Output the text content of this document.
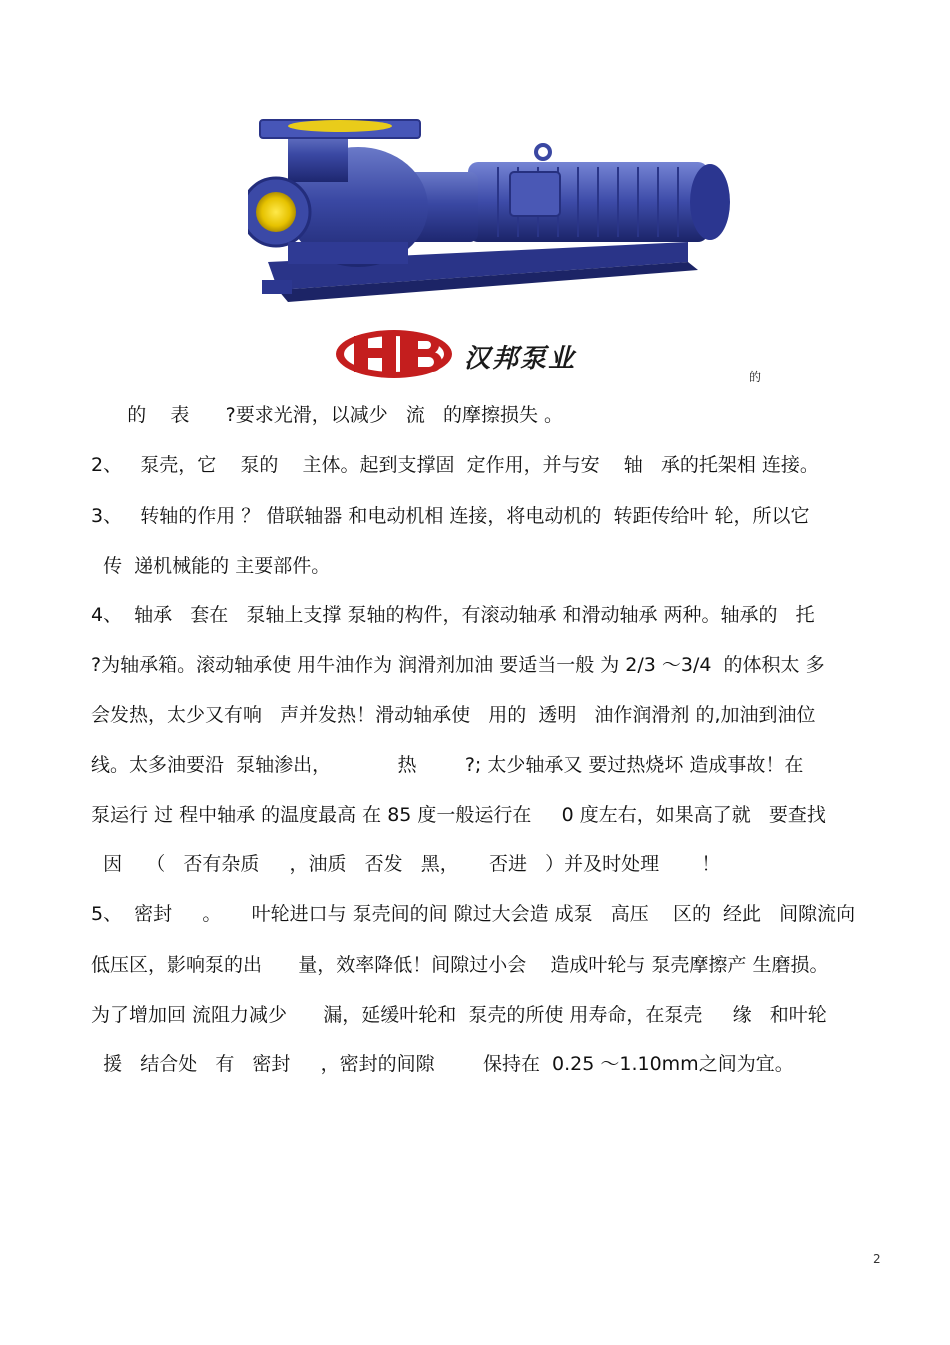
汉邦泵业
的
的    表      ?要求光滑，以减少   流   的摩擦损失 。
2、   泵壳，它    泵的    主体。起到支撑固  定作用，并与安    轴   承的托架相 连接。
3、   转轴的作用 ？ 借联轴器 和电动机相 连接，将电动机的  转距传给叶 轮，所以它
传  递机械能的 主要部件。
4、  轴承   套在   泵轴上支撑 泵轴的构件，有滚动轴承 和滑动轴承 两种。轴承的   托
?为轴承箱。滚动轴承使 用牛油作为 润滑剂加油 要适当一般 为 2/3 ～3/4  的体积太 多
会发热，太少又有响   声并发热！滑动轴承使   用的  透明   油作润滑剂 的,加油到油位
线。太多油要沿  泵轴渗出，           热        ?; 太少轴承又 要过热烧坏 造成事故！在
泵运行 过 程中轴承 的温度最高 在 85 度一般运行在     0 度左右，如果高了就   要查找
因    （   否有杂质     ，油质   否发   黑，     否进   ）并及时处理       ！
5、  密封     。     叶轮进口与 泵壳间的间 隙过大会造 成泵   高压    区的  经此   间隙流向
低压区，影响泵的出      量，效率降低！间隙过小会    造成叶轮与 泵壳摩擦产 生磨损。
为了增加回 流阻力减少      漏，延缓叶轮和  泵壳的所使 用寿命，在泵壳     缘   和叶轮
援   结合处   有   密封     ，密封的间隙        保持在  0.25 ～1.10mm之间为宜。
2
